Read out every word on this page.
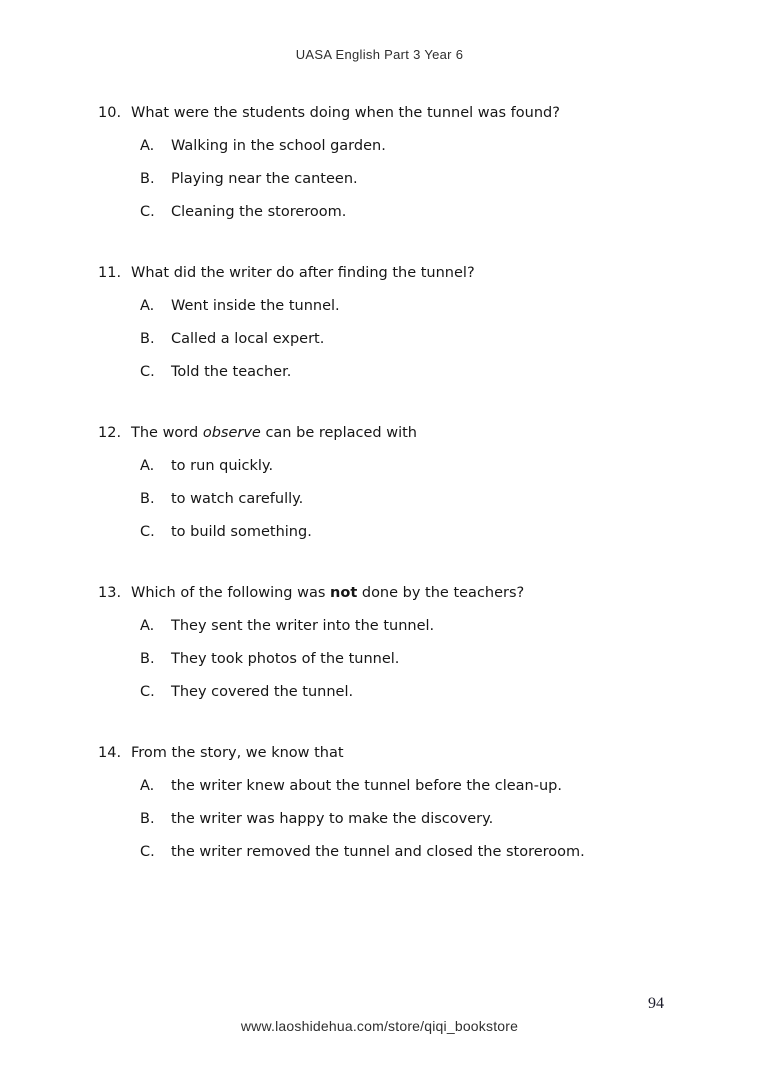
UASA English Part 3 Year 6
10. What were the students doing when the tunnel was found?
A.	Walking in the school garden.
B.	Playing near the canteen.
C.	Cleaning the storeroom.
11. What did the writer do after finding the tunnel?
A.	Went inside the tunnel.
B.	Called a local expert.
C.	Told the teacher.
12. The word observe can be replaced with
A.	to run quickly.
B.	to watch carefully.
C.	to build something.
13. Which of the following was not done by the teachers?
A.	They sent the writer into the tunnel.
B.	They took photos of the tunnel.
C.	They covered the tunnel.
14. From the story, we know that
A.	the writer knew about the tunnel before the clean-up.
B.	the writer was happy to make the discovery.
C.	the writer removed the tunnel and closed the storeroom.
94
www.laoshidehua.com/store/qiqi_bookstore
